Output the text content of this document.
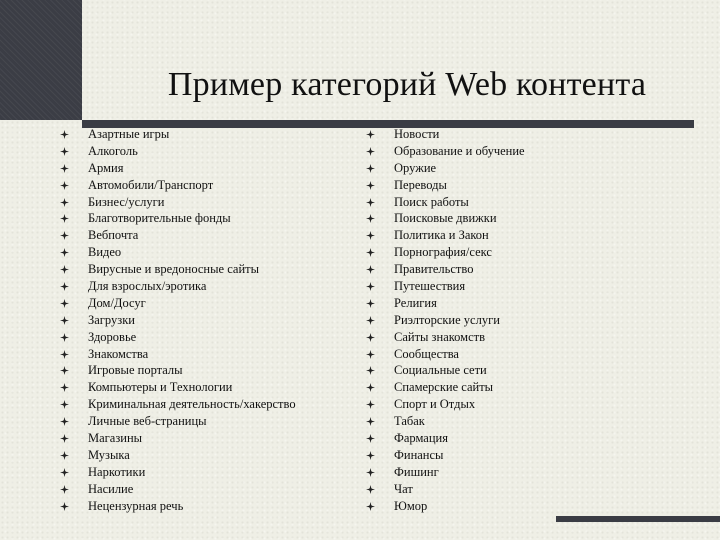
Пример категорий Web контента
Азартные игры
Алкоголь
Армия
Автомобили/Транспорт
Бизнес/услуги
Благотворительные фонды
Вебпочта
Видео
Вирусные и вредоносные сайты
Для взрослых/эротика
Дом/Досуг
Загрузки
Здоровье
Знакомства
Игровые порталы
Компьютеры и Технологии
Криминальная деятельность/хакерство
Личные веб-страницы
Магазины
Музыка
Наркотики
Насилие
Нецензурная речь
Новости
Образование и обучение
Оружие
Переводы
Поиск работы
Поисковые движки
Политика и Закон
Порнография/секс
Правительство
Путешествия
Религия
Риэлторские услуги
Сайты знакомств
Сообщества
Социальные сети
Спамерские сайты
Спорт и Отдых
Табак
Фармация
Финансы
Фишинг
Чат
Юмор
